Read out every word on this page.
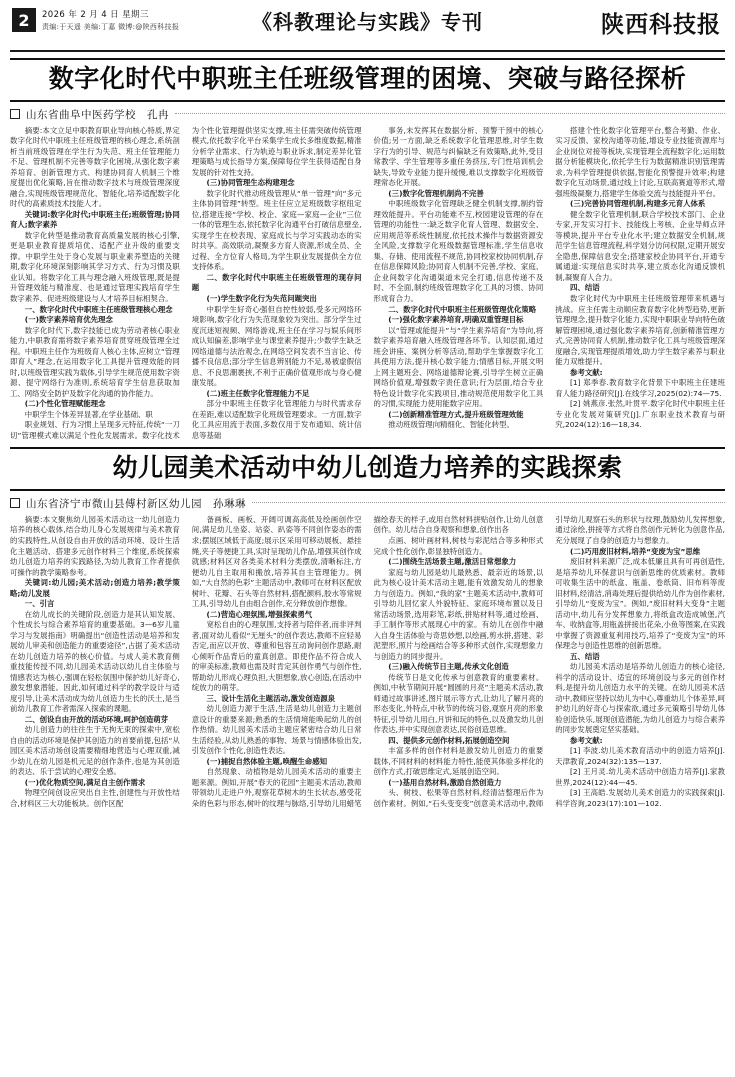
2	2026 年 2 月 4 日 星期三
责编:于天遥 美编:丁嘉 微博:@陕西科技报	《科教理论与实践》专刊	陕西科技报
数字化时代中职班主任班级管理的困境、突破与路径探析
山东省曲阜中医药学校　孔冉

摘要:本文立足中职教育职业导向核心特质,界定数字化时代中职班主任班级管理的核心理念,系统剖析当前班级管理在学生行为失范、班主任管理能力不足、管理机制不完善等数字化困境,从强化数字素养培育、创新管理方式、构建协同育人机制三个维度提出优化策略,旨在推动数字技术与班级管理深度融合,实现班级管理规范化、智能化,培养适配数字化时代的高素质技术技能人才。

关键词:数字化时代;中职班主任;班级管理;协同育人;数字素养

数字化转型是推动教育高质量发展的核心引擎,更是职业教育提质培优、适配产业升级的重要支撑。中职学生处于身心发展与职业素养塑造的关键期,数字化环境深刻影响其学习方式、行为习惯及职业认知。将数字化工具与理念融入班级管理,既是提升管理效能与精准度、也是通过管理实践培育学生数字素养、促进班级建设与人才培养目标相契合。

一、数字化时代中职班主任班级管理核心理念

(一)数字素养培育优先理念

数字化时代下,数字技能已成为劳动者核心职业能力,中职教育需将数字素养培育贯穿班级管理全过程。中职班主任作为班级育人核心主体,应树立“管理即育人”理念,在运用数字化工具提升管理效能的同时,以班级管理实践为载体,引导学生规范使用数字资源、提守网络行为准则,系统培育学生信息获取加工、网络安全防护及数字化沟通的协作能力。

(二)个性化管理赋能理念

中职学生个体差异显著,在学业基础、职

职业规划、行为习惯上呈现多元特征,传统“一刀切”管理模式难以满足个性化发展需求。数字化技术为个性化管理提供坚实支撑,班主任需突破传统管理模式,依托数字化平台采集学生成长多维度数据,精准分析学业需求、行为轨迹与职业诉求,制定差异化管理策略与成长指导方案,保障每位学生获得适配自身发展的针对性支持。

(三)协同管理生态构建理念

数字化时代推动班级管理从“单一管理”向“多元主体协同管理”转型。班主任应立足班级数字枢纽定位,搭建连接“学校、校企、家庭—家庭—企业”三位一体的管理生态,依托数字化沟通平台打破信息壁垒,实现学生在校表现、家庭成长与学习实践动态的实时共享。高效联动,凝聚多方育人资源,形成全员、全过程、全方位育人格局,为学生职业发展提供全方位支持体系。

二、数字化时代中职班主任班级管理的现存问题

(一)学生数字化行为失范问题突出

中职学生好奇心强但自控性较弱,受多元网络环境影响,数字化行为失范现象较为突出。部分学生过度沉迷短视频、网络游戏,班主任在学习与娱乐间形成认知偏差,影响学业与课堂素养提升;少数学生缺乏网络道德与法治观念,在网络空间发表不当言论、传播不良信息;部分学生信息辨别能力不足,易被虚假信息、不良思潮裹挟,不利于正确价值观形成与身心健康发展。

(二)班主任数字化管理能力不足

部分中职班主任数字化管理能力与时代需求存在差距,难以适配数字化班级管理要求。一方面,数字化工具应用流于表面,多数仅用于发布通知、统计信息等基础

事务,未发挥其在数据分析、预警干预中的核心价值;另一方面,缺乏系统数字化管理思维,对学生数字行为的引导、规范与纠偏缺乏有效策略,此外,受目常教学、学生管理等多重任务挤压,专门性培训机会缺失,导致专业能力提升缓慢,难以支撑数字化班级管理常态化开展。

(三)数字化管理机制尚不完善

中职班级数字化管理缺乏健全机制支撑,制约管理效能提升。平台功能难不互,校园建设管理的存在管理的功能性一:缺乏数字化育人管理、数据安全、应用规范等系统性制度,依托技术操作与数据资源安全风险,支撑数字化班级数据管理标准,学生信息收集、存储、使用流程不规范,协同校家校协同机制,存在信息保障风险;协同育人机制不完善,学校、家庭、企业间数字化沟通渠道未完全打通,信息传递不及时、不全面,制约班级管理数字化工具的习惯、协同形成育合力。

二、数字化时代中职班主任班级管理优化策略

(一)强化数字素养培育,明确双重管理目标

以“管理或能提升”与“学生素养培育”为导向,将数字素养培育融入班级管理各环节。认知层面,通过班会讲座、案例分析等活动,帮助学生掌握数字化工具使用方法,提升核心数字能力;情感目标,开展文明上网主题班会、网络道德辩论赛,引导学生树立正确网络价值观,增强数字责任意识;行为层面,结合专业特色设计数字化实践项目,推动规范使用数字化工具的习惯,实现能力使用能数字应用。

(二)创新精准管理方式,提升班级管理效能

推动班级管理向精细化、智能化转型。

搭建个性化数字化管理平台,整合考勤、作业、实习反馈、家校沟通等功能,增设专业技能资源库与企业岗位对接等板块,实现管理全流程数字化;运用数据分析能模块化,依托学生行为数据精准识别管理需求,为科学管理提供依据,智能化预警提升效率;构建数字化互动场景,通过线上讨论,互联高赛道等形式,增强班级凝聚力,搭建学生体验交流与技能提升平台。

(三)完善协同管理机制,构建多元育人体系

健全数字化管理机制,联合学校技术部门、企业专家,开发实习打卡、技能线上考核、企业导师点评等模块,提升平台专业化水平;建立数据安全机制,规范学生信息管理流程,科学划分访问权限,定期开展安全隐患,保障信息安全;搭建家校企协同平台,开通专属通道:实现信息实时共享,建立质态化沟通反馈机制,凝聚育人合力。

四、结语

数字化时代为中职班主任班级管理带来机遇与挑战。应主任需主动顺应教育数字化转型趋势,更新管理理念,提升数字化能力,实现中职职业导向特色破解管理困境,通过强化数字素养培育,创新精准管理方式,完善协同育人机制,推动数字化工具与班级管理深度融合,实现管理提质增效,助力学生数字素养与职业能力双维提升。

参考文献:

[1] 郑季春.教育数字化背景下中职班主任建班育人能力路径研究[J].在线学习,2025(02):74—75.

[2] 姚燕彦.张然,叶贯平.数字化时代中职班主任专业化发展对策研究[J].广东职业技术教育与研究,2024(12):16—18,34.

幼儿园美术活动中幼儿创造力培养的实践探索
山东省济宁市微山县傅村新区幼儿园　孙琳琳

摘要:本文聚焦幼儿园美术活动这一幼儿创造力培养的核心载体,结合幼儿身心发展规律与美术教育的实践特性,从创设自由开放的活动环境、设计生活化主题活动、搭建多元创作材料三个维度,系统探索幼儿创造力培养的实践路径,为幼儿教育工作者提供可操作的教学策略参考。

关键词:幼儿园;美术活动;创造力培养;教学策略;幼儿发展

一、引言

在幼儿成长的关键阶段,创造力是其认知发展、个性成长与综合素养培育的重要基础。3—6岁儿童学习与发展指南》明确提出“创造性活动是培养和发展幼儿审美和创造能力的重要途径”,占据了美术活动在幼儿创造力培养的核心价值。与成人美术教育侧重技能传授不同,幼儿园美术活动以幼儿自主体验与情感表达为核心,强调在轻松氛围中保护幼儿好奇心,激发想象潜能。因此,如何通过科学的教学设计与适度引导,让美术活动成为幼儿创造力生长的沃土,是当前幼儿教育工作者需深入探索的课题。

二、创设自由开放的活动环境,呵护创造萌芽

幼儿创造力的往往生于无拘无束的探索中,宽松自由的活动环境是保护其创造力的首要前提,包括“从园区美术活动场创设需要精细地营造与心理双重,减少幼儿在幼儿园是机元足的创作条件,也是为其创造的表达、乐于尝试的心理安全感。

(一)优化物质空间,满足自主创作需求

物理空间创设应突出自主性,创建性与开放性结合,材料区三大功能板块。创作区配

备画板、画板、开阔可调高高低及绘画创作空间,满足幼儿坐姿、站姿、趴姿等不同创作姿态的需求;摆展区域低于高度;展示区采用可移动展板、悬挂绳,夹子等便捷工具,实时呈现幼儿作品,增强其创作成就感;材料区对各类美术材料分类摆放,清晰标注,方便幼儿自主取用和搬放,培养其自主管理能力。例如,“大自然的色彩”主题活动中,教师可在材料区配放树叶、花瓣、石头等自然材料,搭配颜料,胶水等常规工具,引导幼儿自由组合创作,充分释放创作想像。

(二)营造心理氛围,增强探索勇气

宽松自由的心理氛围,支持者与陪伴者,而非评判者,面对幼儿看似“无厘头”的创作表达,教师不应轻易否定,而应以开放、尊重和包容互动询问创作思路,耐心倾听作品背后的童真创意。即使作品不符合成人的审美标准,教师也需及时肯定其创作勇气与创作性,帮助幼儿形成心理负担,大胆想象,放心创造,在活动中绽放力的萌芽。

三、设计生活化主题活动,激发创造源泉

幼儿创造力源于生活,生活是幼儿创造力主题创意设计的重要来源;熟悉的生活情境能唤起幼儿的创作热情。幼儿园美术活动主题应紧密结合幼儿日常生活经验,从幼儿熟悉的事物、场景与情感体验出发,引发创作个性化,创造性表达。

(一)捕捉自然体验主题,唤醒生命感知

自然现象、动植物是幼儿园美术活动的重要主题来源。例如,开展“春天的花园”主题美术活动,教师带领幼儿走进户外,观察花草树木的生长状态,感受花朵的色彩与形态,树叶的纹理与脉络,引导幼儿用蜡笔描绘春天的样子,或用自然材料拼贴创作,让幼儿创意创作。幼儿结合自身观察和想象,创作出各

点画、树叶画材料,树枝与彩泥结合等多种形式完成个性化创作,彰显独特创造力。

(二)围绕生活场景主题,激活日常想象力

家庭与幼儿园是幼儿最熟悉、最亲近的场景,以此为核心设计美术活动主题,能有效激发幼儿的想象力与创造力。例如,“我的家”主题美术活动中,教师可引导幼儿回忆家人外貌特征、家庭环境布置以及日常活动场景,选用彩笔,彩纸,拼贴材料等,通过绘画、手工制作等形式展现心中的家。有幼儿在创作中融入自身生活体验与奇思妙想,以绘画,剪水拼,搭建、彩泥塑形,照片与绘画结合等多种形式创作,实现想象力与创造力的同步提升。

(三)融入传统节日主题,传承文化创造

传统节日是文化传承与创意教育的重要素材。例如,中秋节期间开展“圆圆的月亮”主题美术活动,教师通过故事讲述,图片展示等方式,让幼儿了解月亮的形态变化,外特点,中秋节的传统习俗,观察月亮的形象特征,引导幼儿用白,月饼和玩的特色,以及激发幼儿创作表达,并中实现创意表达,民俗创造思维。

四、提供多元创作材料,拓展创造空间

丰富多样的创作材料是激发幼儿创造力的重要载体,不同材料的材料能力特性,能使其体验多样化的创作方式,打破思维定式,延展创造空间。

(一)基用自然材料,激励自然创造力

头、树枝、松果等自然材料,经清洁整理后作为创作素材。例如,“石头变变变”创意美术活动中,教师引导幼儿观察石头的形状与纹理,鼓励幼儿发挥想象,通过涂绘,拼接等方式将自然创作元转化为创意作品,充分展现了自身的创造力与想象力。

(二)巧用废旧材料,培养“变废为宝”思维

废旧材料来源广泛,成本低廉且具有可再创造性,是培养幼儿环保意识与创新思维的优质素材。教师可收集生活中的纸盒、瓶盖、卷纸筒、旧布料等废旧材料,经清洁,消毒处理后提供给幼儿作为创作素材,引导幼儿“变废为宝”。例如,“废旧材料大变身”主题活动中,幼儿有分发挥想象力,将纸盒改造成城堡,汽车、收纳盒等,用瓶盖拼接出花朵,小鱼等图案,在实践中掌握了资源重复利用技巧,培养了“变废为宝”的环保理念与创造性思维的创新思维。

五、结语

幼儿园美术活动是培养幼儿创造力的核心途径,科学的活动设计、适宜的环境创设与多元的创作材料,是提升幼儿创造力水平的关键。在幼儿园美术活动中,教师应坚持以幼儿为中心,尊重幼儿个体差异,呵护幼儿的好奇心与探索欲,通过多元策略引导幼儿体验创造快乐,展现创造潜能,为幼儿创造力与综合素养的同步发展奠定坚实基础。

参考文献:

[1] 李波.幼儿美术教育活动中的创造力培养[J].天津教育,2024(32):135—137.

[2] 王月灵.幼儿美术活动中创造力培养[J].家教世界,2024(12):44—45.

[3] 王高皓.发展幼儿美术创造力的实践探索[J].科学咨询,2023(17):101—102.
